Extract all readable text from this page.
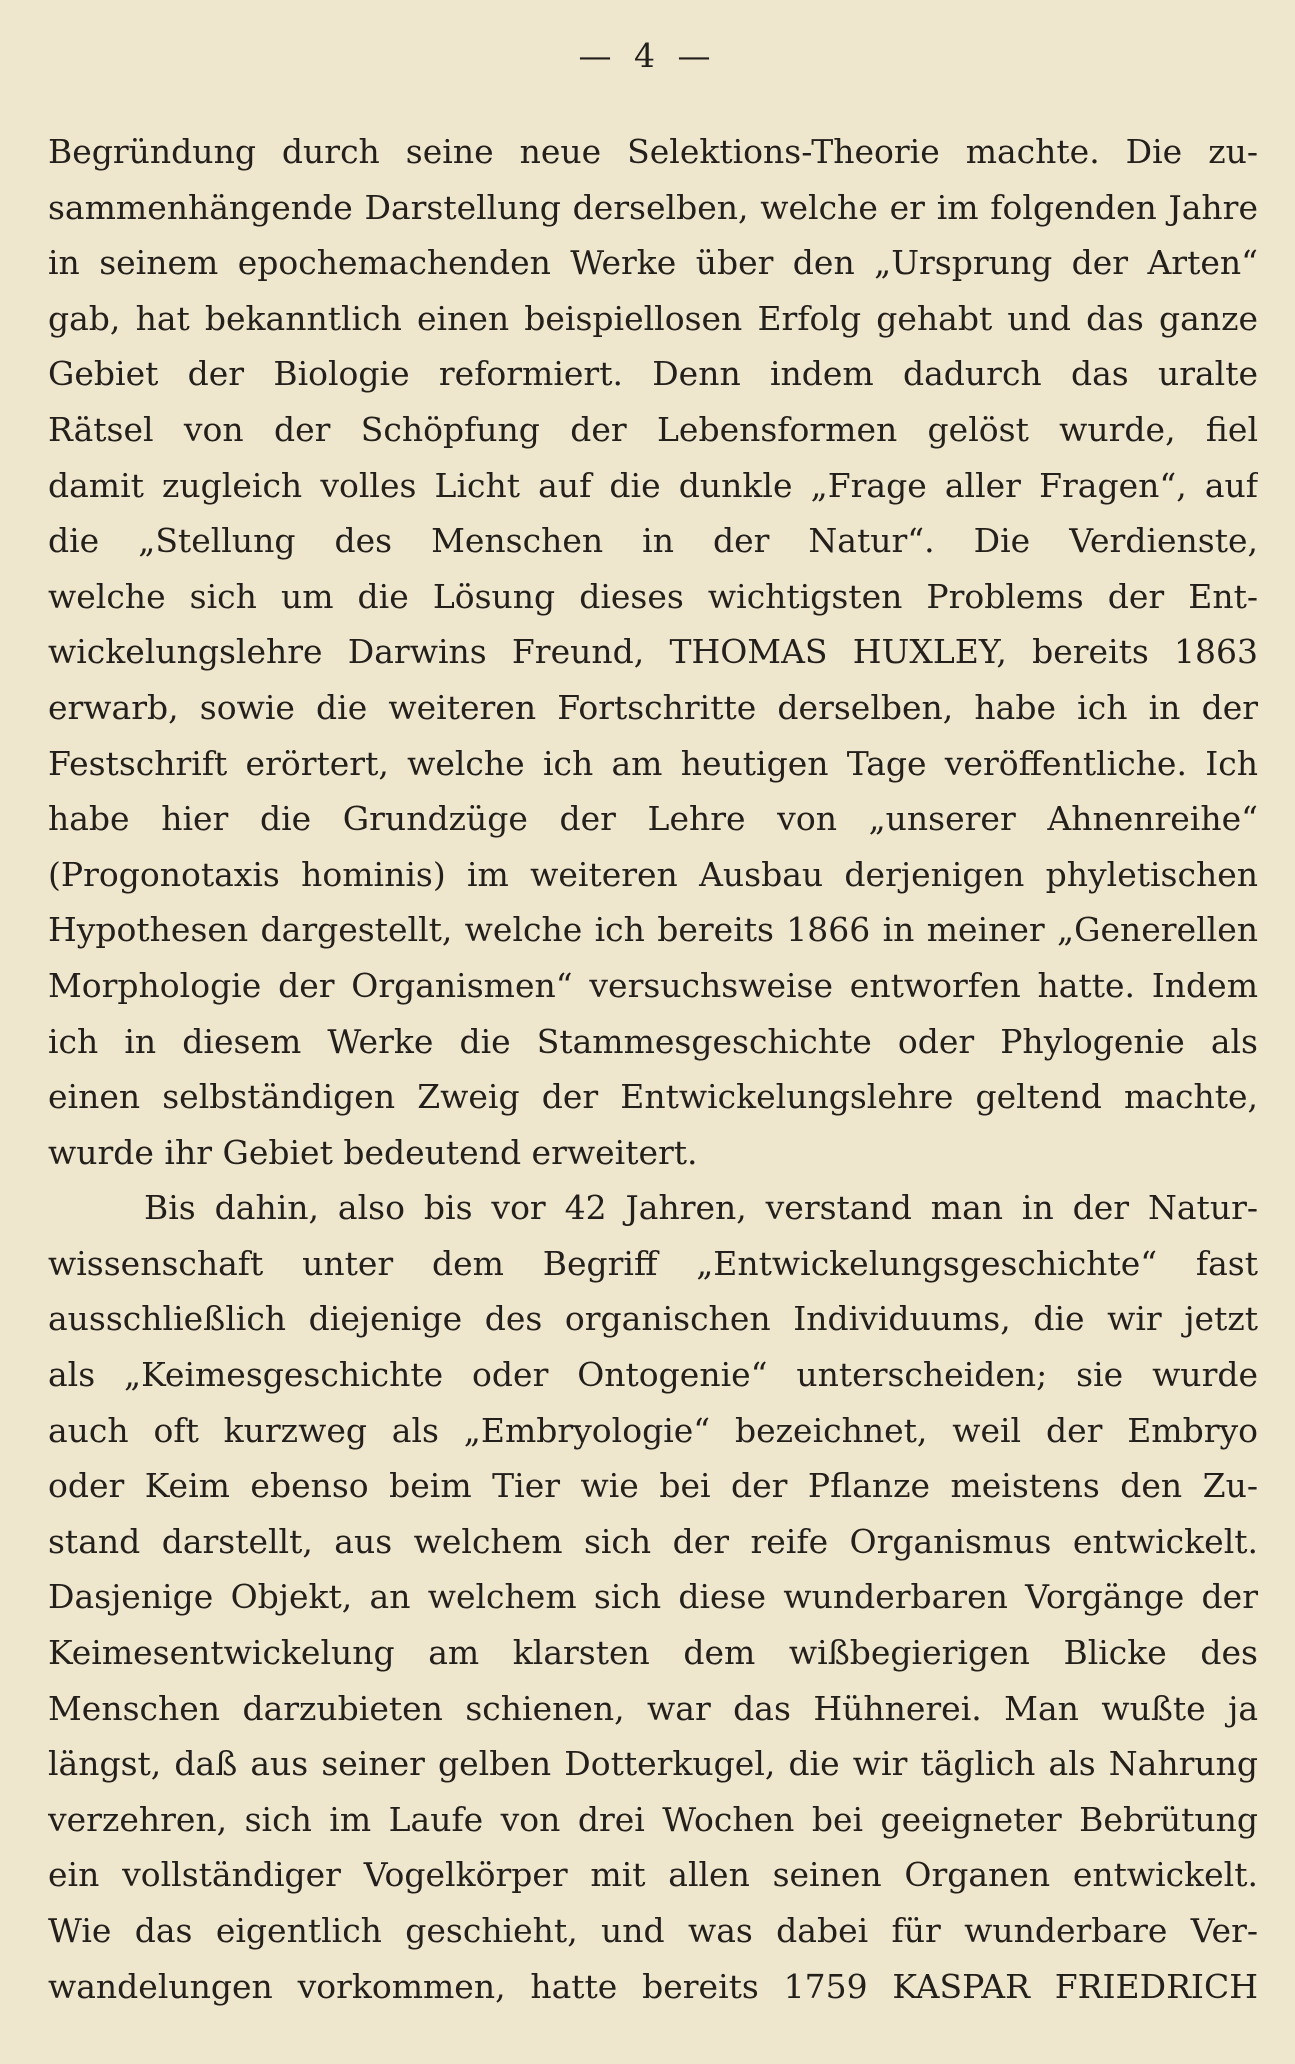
— 4 —
Begründung durch seine neue Selektions-Theorie machte. Die zu-
sammenhängende Darstellung derselben, welche er im folgenden Jahre
in seinem epochemachenden Werke über den „Ursprung der Arten“
gab, hat bekanntlich einen beispiellosen Erfolg gehabt und das ganze
Gebiet der Biologie reformiert. Denn indem dadurch das uralte
Rätsel von der Schöpfung der Lebensformen gelöst wurde, fiel
damit zugleich volles Licht auf die dunkle „Frage aller Fragen“, auf
die „Stellung des Menschen in der Natur“. Die Verdienste,
welche sich um die Lösung dieses wichtigsten Problems der Ent-
wickelungslehre Darwins Freund, THOMAS HUXLEY, bereits 1863
erwarb, sowie die weiteren Fortschritte derselben, habe ich in der
Festschrift erörtert, welche ich am heutigen Tage veröffentliche. Ich
habe hier die Grundzüge der Lehre von „unserer Ahnenreihe“
(Progonotaxis hominis) im weiteren Ausbau derjenigen phyletischen
Hypothesen dargestellt, welche ich bereits 1866 in meiner „Generellen
Morphologie der Organismen“ versuchsweise entworfen hatte. Indem
ich in diesem Werke die Stammesgeschichte oder Phylogenie als
einen selbständigen Zweig der Entwickelungslehre geltend machte,
wurde ihr Gebiet bedeutend erweitert.
Bis dahin, also bis vor 42 Jahren, verstand man in der Natur-
wissenschaft unter dem Begriff „Entwickelungsgeschichte“ fast
ausschließlich diejenige des organischen Individuums, die wir jetzt
als „Keimesgeschichte oder Ontogenie“ unterscheiden; sie wurde
auch oft kurzweg als „Embryologie“ bezeichnet, weil der Embryo
oder Keim ebenso beim Tier wie bei der Pflanze meistens den Zu-
stand darstellt, aus welchem sich der reife Organismus entwickelt.
Dasjenige Objekt, an welchem sich diese wunderbaren Vorgänge der
Keimesentwickelung am klarsten dem wißbegierigen Blicke des
Menschen darzubieten schienen, war das Hühnerei. Man wußte ja
längst, daß aus seiner gelben Dotterkugel, die wir täglich als Nahrung
verzehren, sich im Laufe von drei Wochen bei geeigneter Bebrütung
ein vollständiger Vogelkörper mit allen seinen Organen entwickelt.
Wie das eigentlich geschieht, und was dabei für wunderbare Ver-
wandelungen vorkommen, hatte bereits 1759 KASPAR FRIEDRICH
